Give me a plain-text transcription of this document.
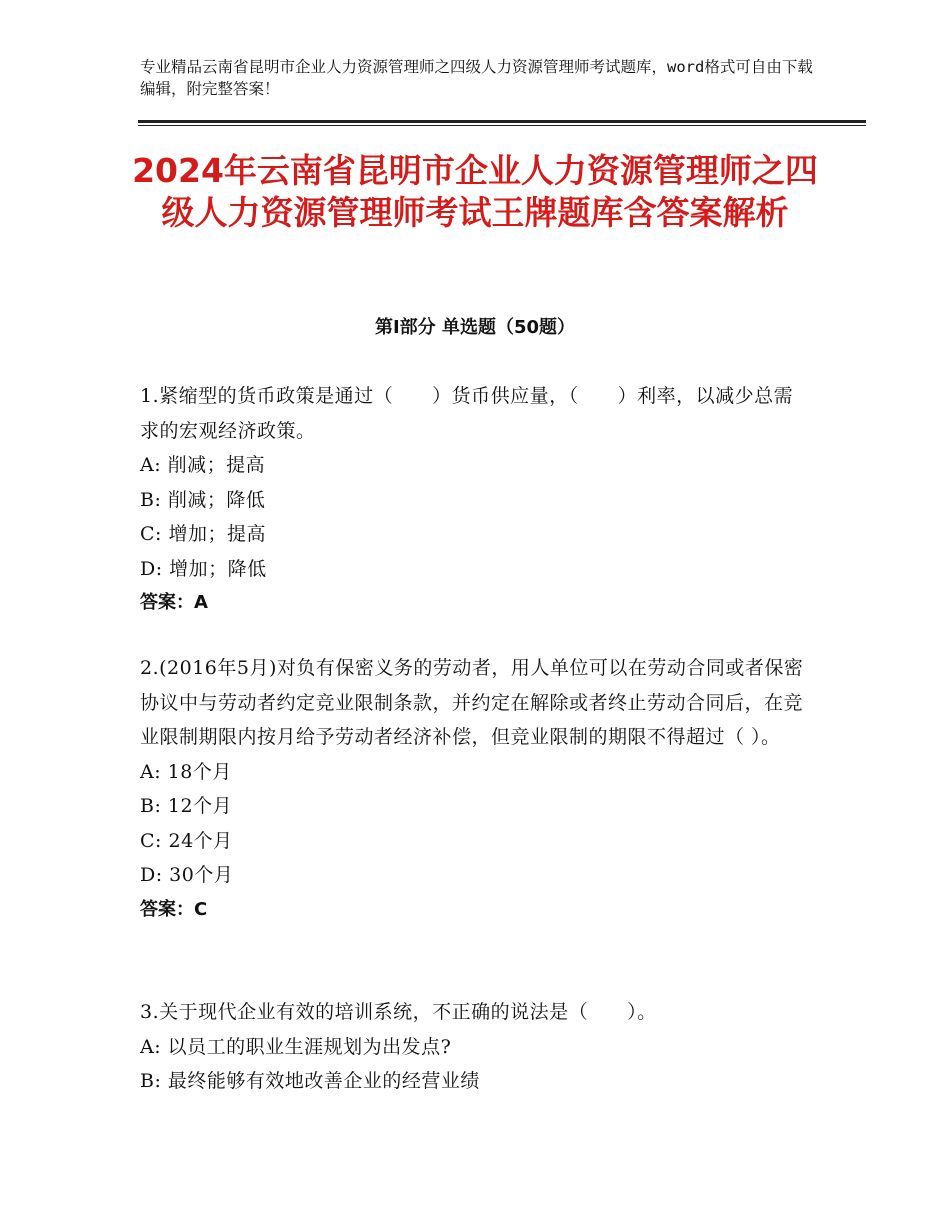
专业精品云南省昆明市企业人力资源管理师之四级人力资源管理师考试题库，word格式可自由下载编辑，附完整答案！
2024年云南省昆明市企业人力资源管理师之四级人力资源管理师考试王牌题库含答案解析
第Ⅰ部分 单选题（50题）
1.紧缩型的货币政策是通过（　　）货币供应量，（　　）利率，以减少总需求的宏观经济政策。
A: 削减；提高
B: 削减；降低
C: 增加；提高
D: 增加；降低
答案：A
2.(2016年5月)对负有保密义务的劳动者，用人单位可以在劳动合同或者保密协议中与劳动者约定竞业限制条款，并约定在解除或者终止劳动合同后，在竞业限制期限内按月给予劳动者经济补偿，但竞业限制的期限不得超过（ ）。
A: 18个月
B: 12个月
C: 24个月
D: 30个月
答案：C
3.关于现代企业有效的培训系统，不正确的说法是（　　）。
A: 以员工的职业生涯规划为出发点?
B: 最终能够有效地改善企业的经营业绩
